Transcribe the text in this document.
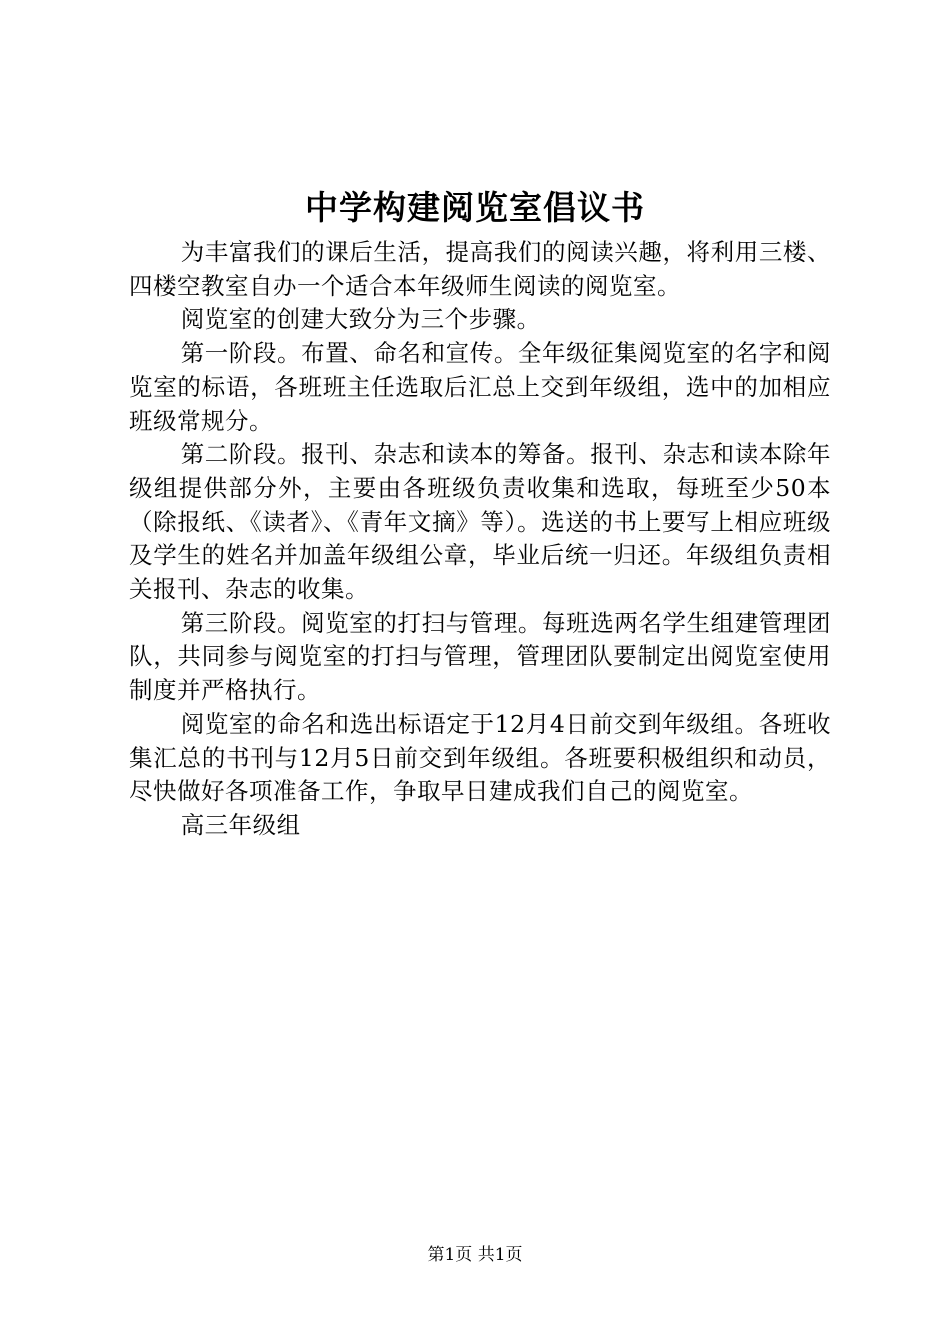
中学构建阅览室倡议书

为丰富我们的课后生活，提高我们的阅读兴趣，将利用三楼、四楼空教室自办一个适合本年级师生阅读的阅览室。

阅览室的创建大致分为三个步骤。

第一阶段。布置、命名和宣传。全年级征集阅览室的名字和阅览室的标语，各班班主任选取后汇总上交到年级组，选中的加相应班级常规分。

第二阶段。报刊、杂志和读本的筹备。报刊、杂志和读本除年级组提供部分外，主要由各班级负责收集和选取，每班至少50本（除报纸、《读者》、《青年文摘》等）。选送的书上要写上相应班级及学生的姓名并加盖年级组公章，毕业后统一归还。年级组负责相关报刊、杂志的收集。

第三阶段。阅览室的打扫与管理。每班选两名学生组建管理团队，共同参与阅览室的打扫与管理，管理团队要制定出阅览室使用制度并严格执行。

阅览室的命名和选出标语定于12月4日前交到年级组。各班收集汇总的书刊与12月5日前交到年级组。各班要积极组织和动员，尽快做好各项准备工作，争取早日建成我们自己的阅览室。

高三年级组

第1页 共1页
